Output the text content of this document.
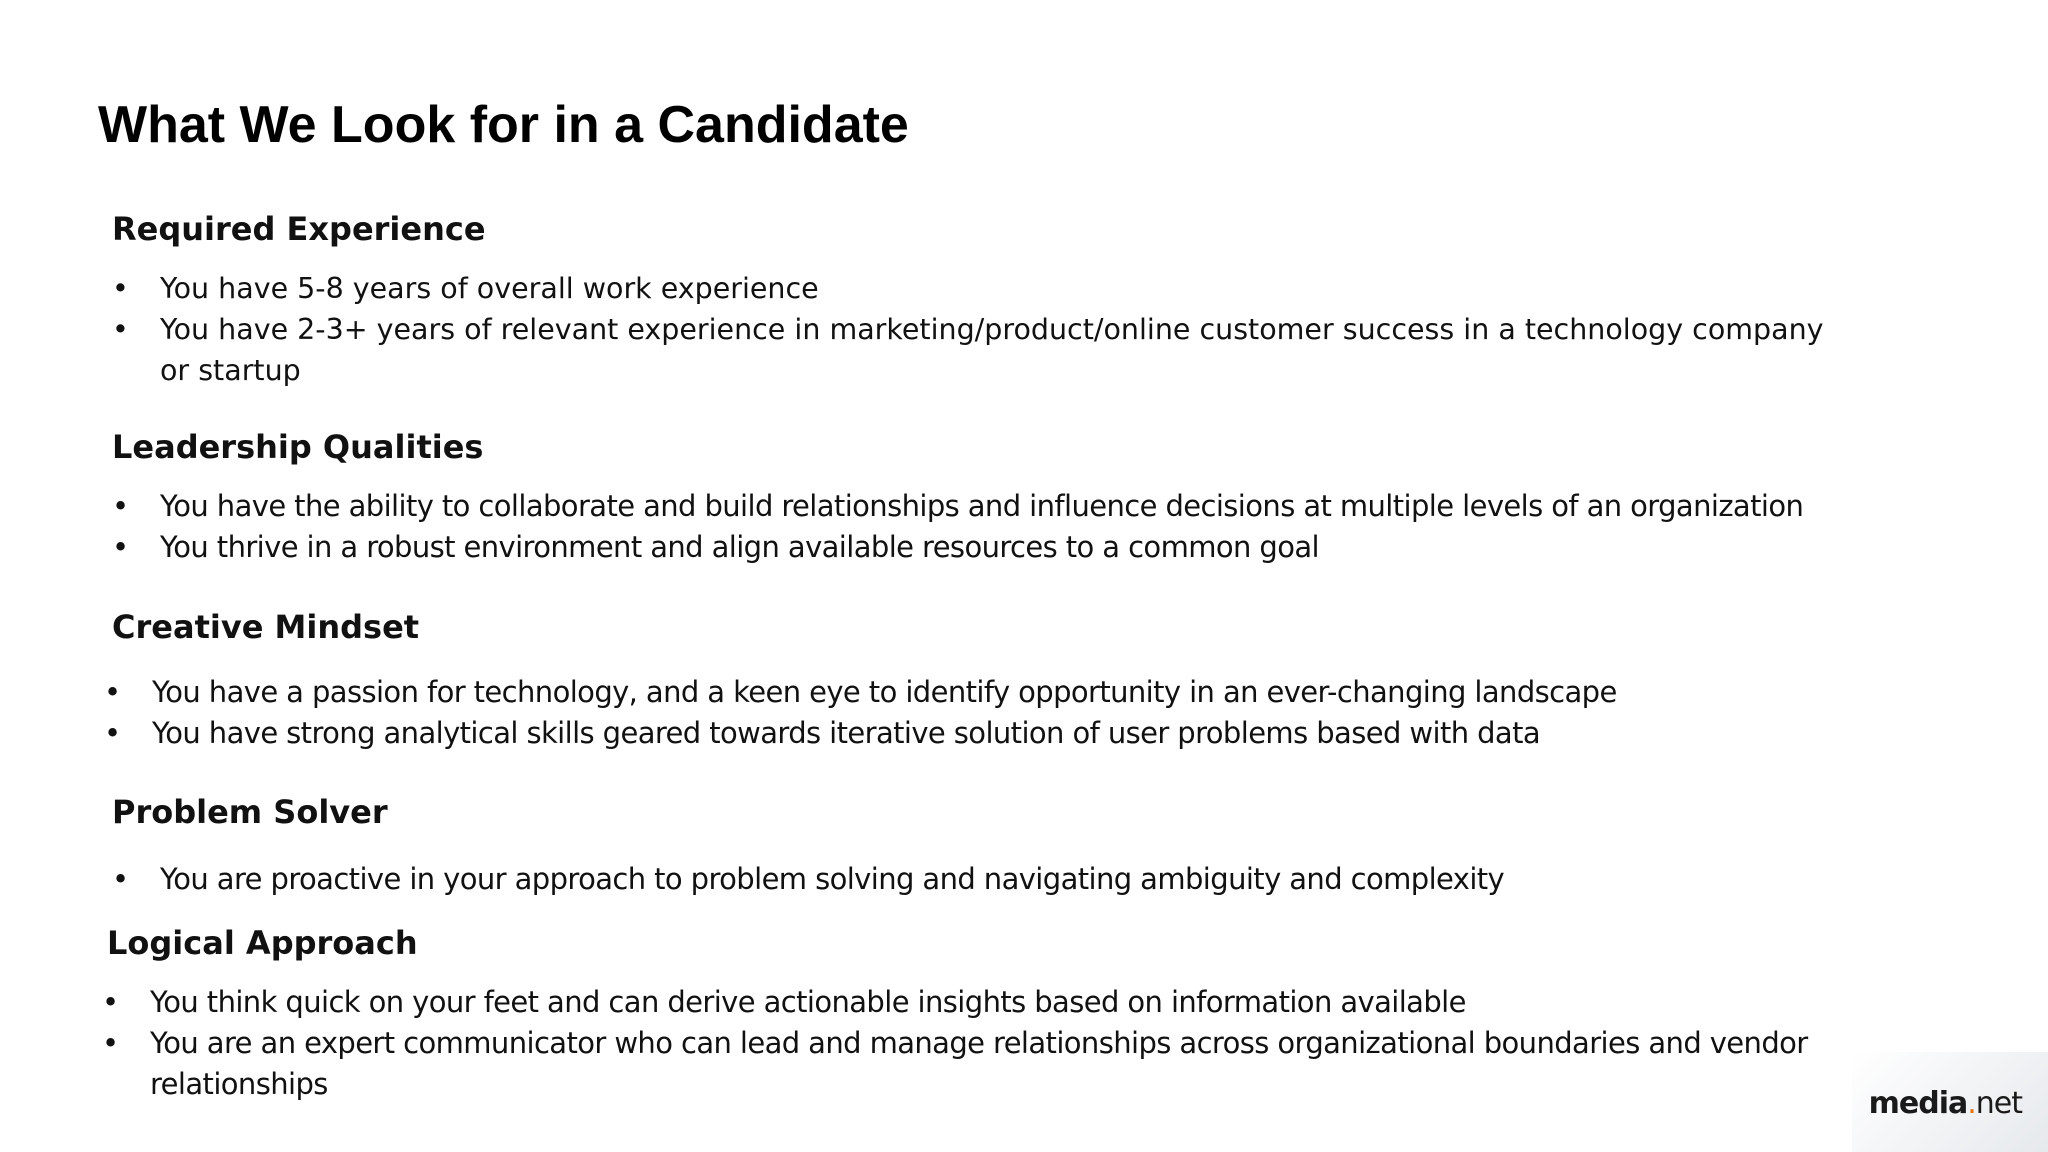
What We Look for in a Candidate
Required Experience
• You have 5-8 years of overall work experience
• You have 2-3+ years of relevant experience in marketing/product/online customer success in a technology company or startup
Leadership Qualities
• You have the ability to collaborate and build relationships and influence decisions at multiple levels of an organization
• You thrive in a robust environment and align available resources to a common goal
Creative Mindset
• You have a passion for technology, and a keen eye to identify opportunity in an ever-changing landscape
• You have strong analytical skills geared towards iterative solution of user problems based with data
Problem Solver
• You are proactive in your approach to problem solving and navigating ambiguity and complexity
Logical Approach
• You think quick on your feet and can derive actionable insights based on information available
• You are an expert communicator who can lead and manage relationships across organizational boundaries and vendor relationships
media.net
